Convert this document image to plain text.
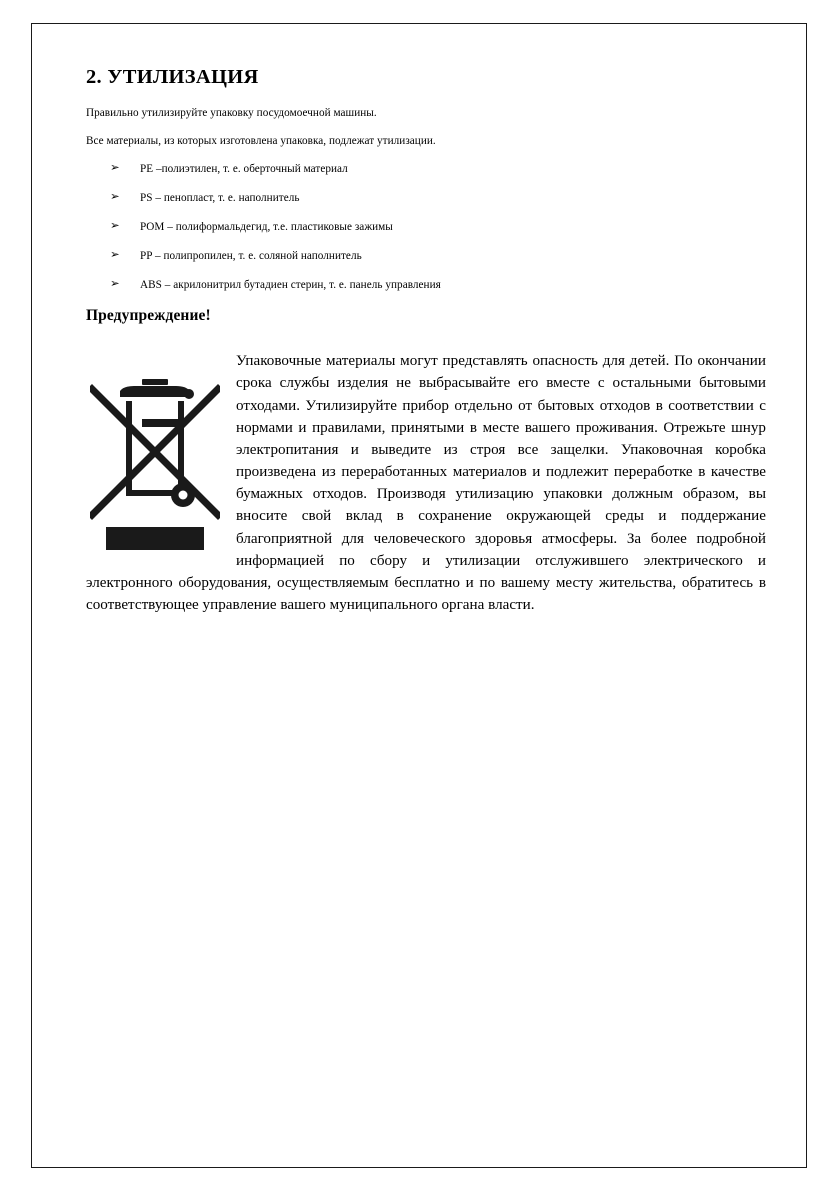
2. УТИЛИЗАЦИЯ

Правильно утилизируйте упаковку посудомоечной машины.

Все материалы, из которых изготовлена упаковка, подлежат утилизации.

➢ PE –полиэтилен, т. е. оберточный материал
➢ PS – пенопласт, т. е. наполнитель
➢ POM – полиформальдегид, т.е. пластиковые зажимы
➢ PP – полипропилен, т. е. соляной наполнитель
➢ ABS – акрилонитрил бутадиен стерин, т. е. панель управления
Предупреждение!

Упаковочные материалы могут представлять опасность для детей. По окончании срока службы изделия не выбрасывайте его вместе с остальными бытовыми отходами. Утилизируйте прибор отдельно от бытовых отходов в соответствии с нормами и правилами, принятыми в месте вашего проживания. Отрежьте шнур электропитания и выведите из строя все защелки. Упаковочная коробка произведена из переработанных материалов и подлежит переработке в качестве бумажных отходов. Производя утилизацию упаковки должным образом, вы вносите свой вклад в сохранение окружающей среды и поддержание благоприятной для человеческого здоровья атмосферы. За более подробной информацией по сбору и утилизации отслужившего электрического и электронного оборудования, осуществляемым бесплатно и по вашему месту жительства, обратитесь в соответствующее управление вашего муниципального органа власти.
